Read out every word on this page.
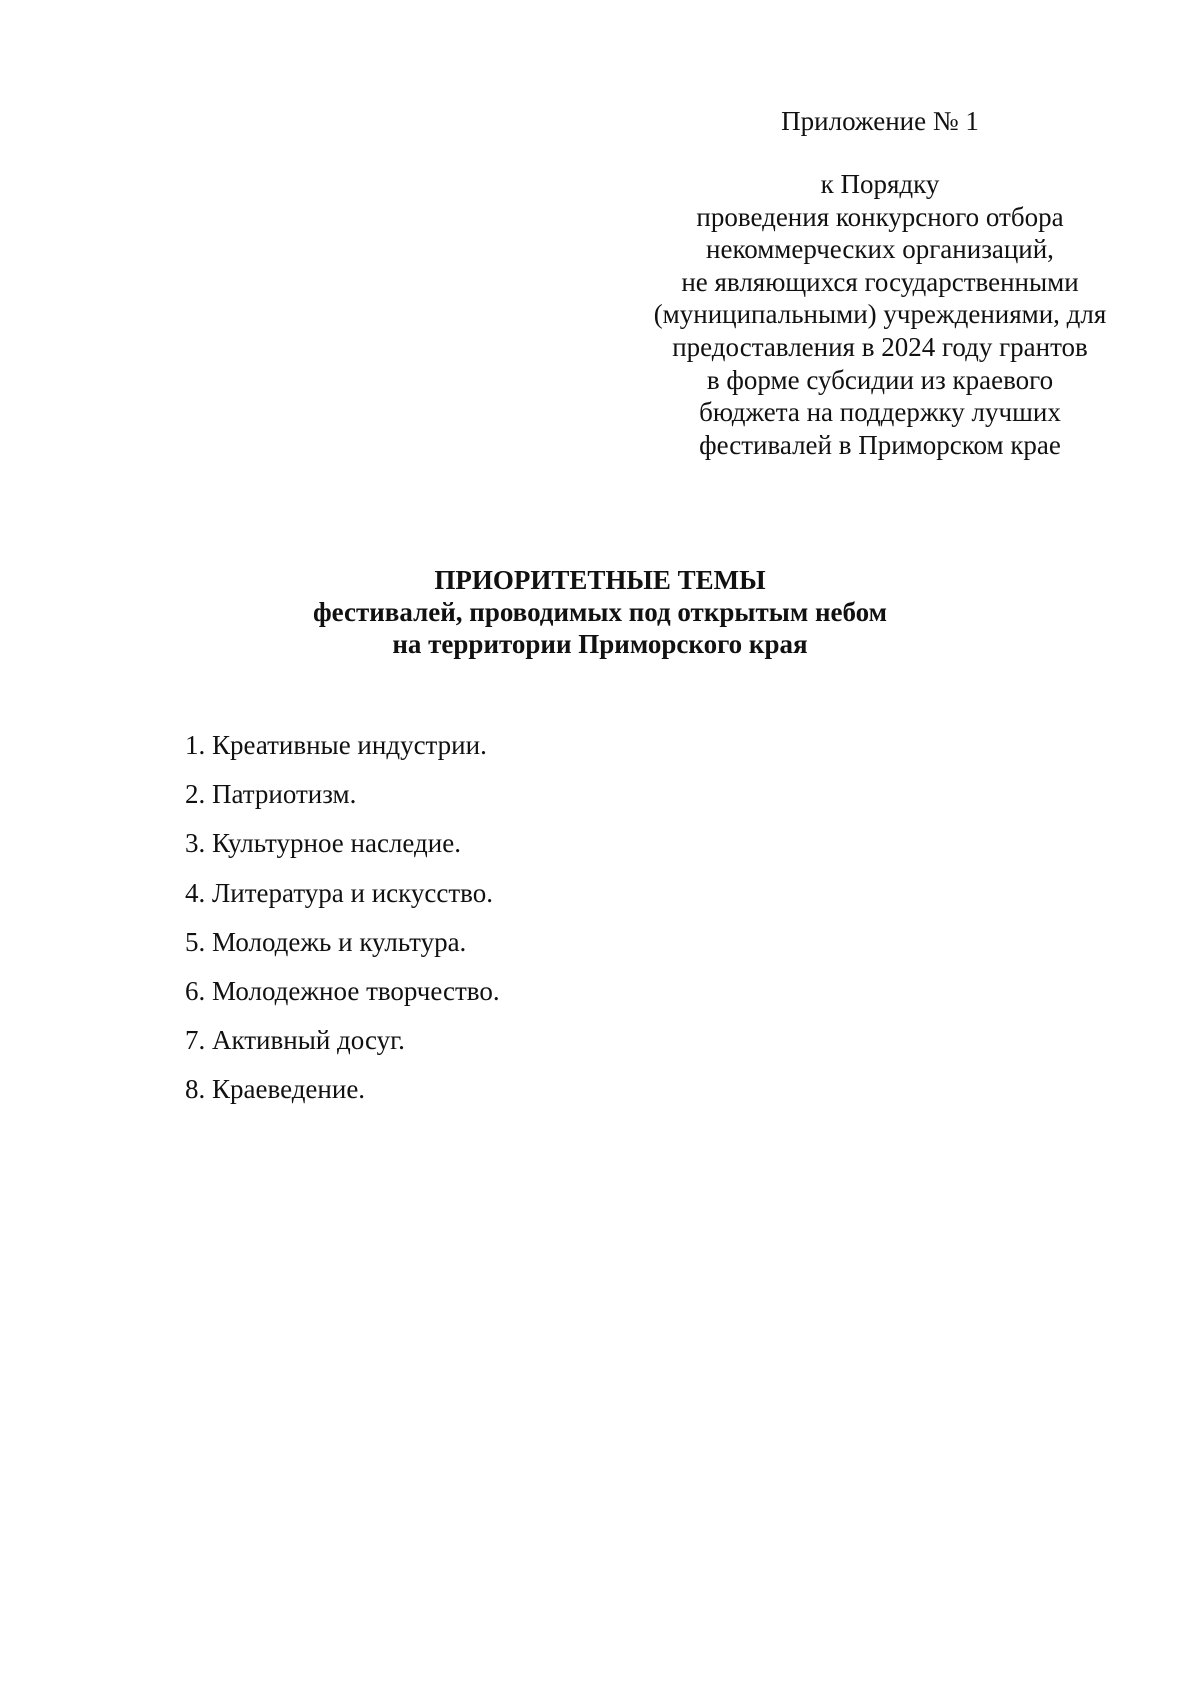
Приложение № 1

к Порядку
проведения конкурсного отбора
некоммерческих организаций,
не являющихся государственными
(муниципальными) учреждениями, для
предоставления в 2024 году грантов
в форме субсидии из краевого
бюджета на поддержку лучших
фестивалей в Приморском крае

ПРИОРИТЕТНЫЕ ТЕМЫ
фестивалей, проводимых под открытым небом
на территории Приморского края
1. Креативные индустрии.
2. Патриотизм.
3. Культурное наследие.
4. Литература и искусство.
5. Молодежь и культура.
6. Молодежное творчество.
7. Активный досуг.
8. Краеведение.
